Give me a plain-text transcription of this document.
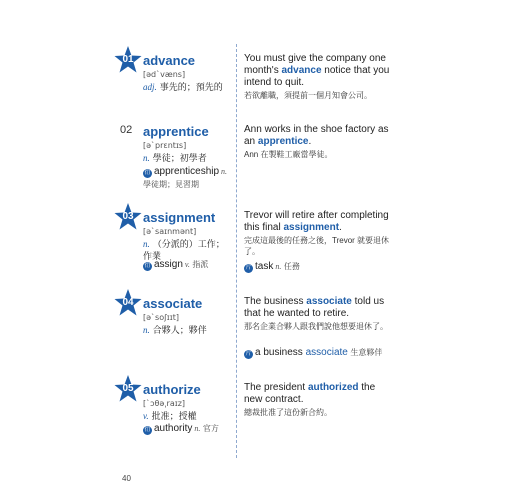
01 advance
[ədˋvæns]
adj. 事先的；預先的
You must give the company one month's advance notice that you intend to quit.
若欲離職，須提前一個月知會公司。
02 apprentice
[əˋprɛntɪs]
n. 學徒；初學者
衍 apprenticeship n.
學徒期；見習期
Ann works in the shoe factory as an apprentice.
Ann 在製鞋工廠當學徒。
03 assignment
[əˋsaɪnmənt]
n. （分派的）工作；作業
衍 assign v. 指派
Trevor will retire after completing this final assignment.
完成這最後的任務之後，Trevor 就要退休了。
片 task n. 任務
04 associate
[əˋsoʃɪɪt]
n. 合夥人；夥伴
The business associate told us that he wanted to retire.
那名企業合夥人跟我們說他想要退休了。
片 a business associate 生意夥伴
05 authorize
[ˋɔθə͵raɪz]
v. 批准；授權
衍 authority n. 官方
The president authorized the new contract.
總裁批准了這份新合約。
40
